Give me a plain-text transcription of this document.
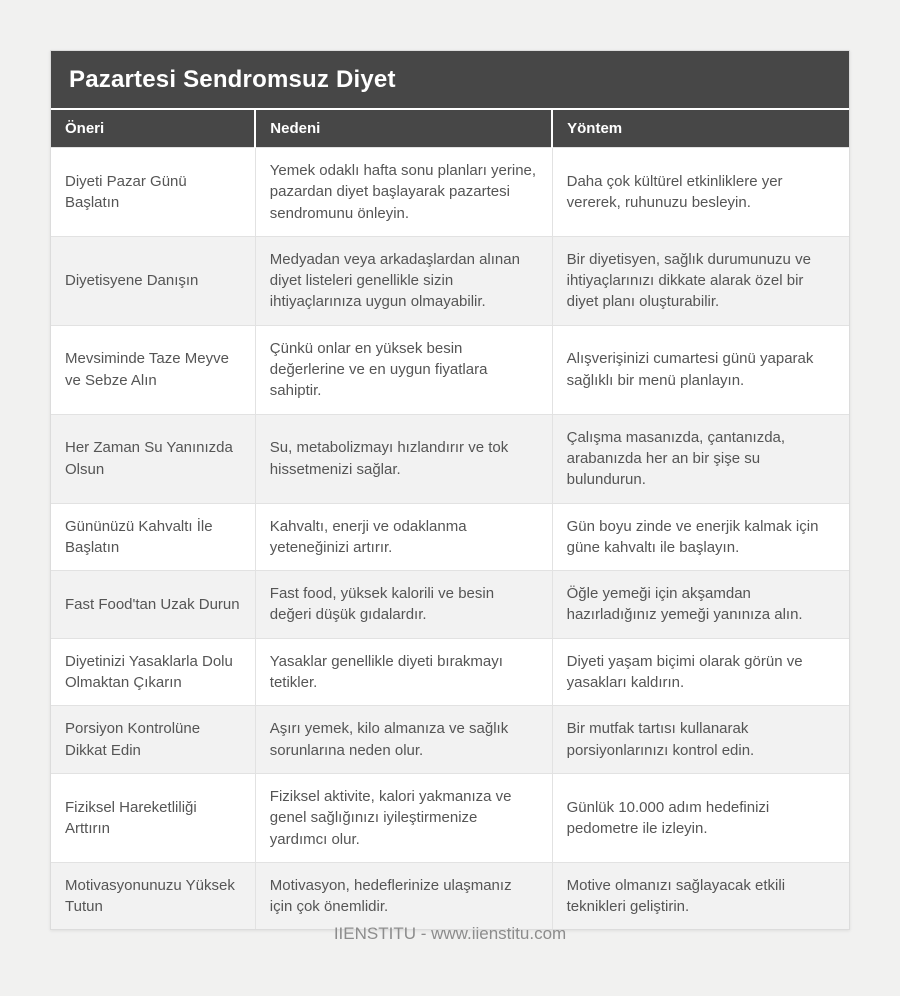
Pazartesi Sendromsuz Diyet
Öneri	Nedeni	Yöntem
Diyeti Pazar Günü Başlatın	Yemek odaklı hafta sonu planları yerine, pazardan diyet başlayarak pazartesi sendromunu önleyin.	Daha çok kültürel etkinliklere yer vererek, ruhunuzu besleyin.
Diyetisyene Danışın	Medyadan veya arkadaşlardan alınan diyet listeleri genellikle sizin ihtiyaçlarınıza uygun olmayabilir.	Bir diyetisyen, sağlık durumunuzu ve ihtiyaçlarınızı dikkate alarak özel bir diyet planı oluşturabilir.
Mevsiminde Taze Meyve ve Sebze Alın	Çünkü onlar en yüksek besin değerlerine ve en uygun fiyatlara sahiptir.	Alışverişinizi cumartesi günü yaparak sağlıklı bir menü planlayın.
Her Zaman Su Yanınızda Olsun	Su, metabolizmayı hızlandırır ve tok hissetmenizi sağlar.	Çalışma masanızda, çantanızda, arabanızda her an bir şişe su bulundurun.
Gününüzü Kahvaltı İle Başlatın	Kahvaltı, enerji ve odaklanma yeteneğinizi artırır.	Gün boyu zinde ve enerjik kalmak için güne kahvaltı ile başlayın.
Fast Food'tan Uzak Durun	Fast food, yüksek kalorili ve besin değeri düşük gıdalardır.	Öğle yemeği için akşamdan hazırladığınız yemeği yanınıza alın.
Diyetinizi Yasaklarla Dolu Olmaktan Çıkarın	Yasaklar genellikle diyeti bırakmayı tetikler.	Diyeti yaşam biçimi olarak görün ve yasakları kaldırın.
Porsiyon Kontrolüne Dikkat Edin	Aşırı yemek, kilo almanıza ve sağlık sorunlarına neden olur.	Bir mutfak tartısı kullanarak porsiyonlarınızı kontrol edin.
Fiziksel Hareketliliği Arttırın	Fiziksel aktivite, kalori yakmanıza ve genel sağlığınızı iyileştirmenize yardımcı olur.	Günlük 10.000 adım hedefinizi pedometre ile izleyin.
Motivasyonunuzu Yüksek Tutun	Motivasyon, hedeflerinize ulaşmanız için çok önemlidir.	Motive olmanızı sağlayacak etkili teknikleri geliştirin.
IIENSTITU - www.iienstitu.com
